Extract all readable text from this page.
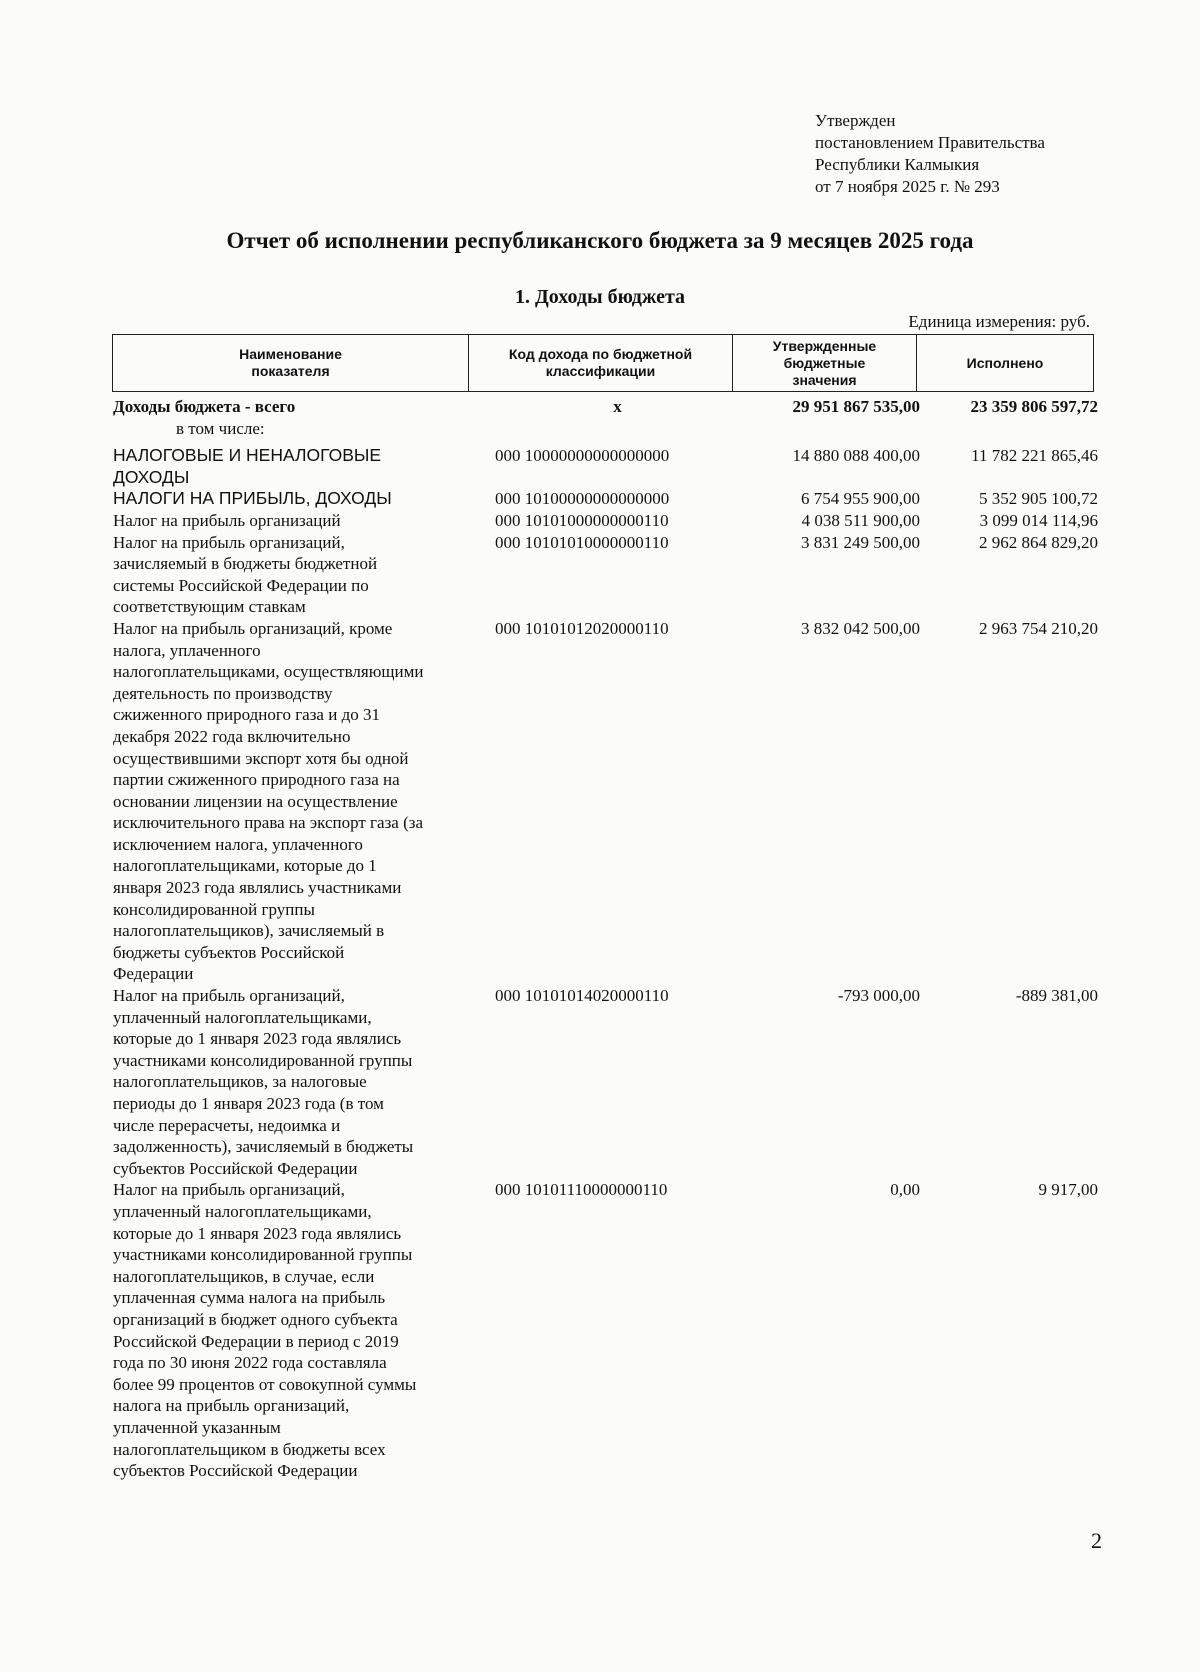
Утвержден
постановлением Правительства
Республики Калмыкия
от 7 ноября 2025 г. № 293
Отчет об исполнении республиканского бюджета за 9 месяцев 2025 года
1. Доходы бюджета
Единица измерения: руб.
Наименование
показателя

Код дохода по бюджетной
классификации

Утвержденные
бюджетные
значения
	Исполнено
Доходы бюджета - всего	x	29 951 867 535,00	23 359 806 597,72
в том числе:
НАЛОГОВЫЕ И НЕНАЛОГОВЫЕ
ДОХОДЫ
000 10000000000000000	14 880 088 400,00	11 782 221 865,46
НАЛОГИ НА ПРИБЫЛЬ, ДОХОДЫ	000 10100000000000000	6 754 955 900,00	5 352 905 100,72
Налог на прибыль организаций	000 10101000000000110	4 038 511 900,00	3 099 014 114,96
Налог на прибыль организаций,
зачисляемый в бюджеты бюджетной
системы Российской Федерации по
соответствующим ставкам
000 10101010000000110	3 831 249 500,00	2 962 864 829,20
Налог на прибыль организаций, кроме
налога, уплаченного
налогоплательщиками, осуществляющими
деятельность по производству
сжиженного природного газа и до 31
декабря 2022 года включительно
осуществившими экспорт хотя бы одной
партии сжиженного природного газа на
основании лицензии на осуществление
исключительного права на экспорт газа (за
исключением налога, уплаченного
налогоплательщиками, которые до 1
января 2023 года являлись участниками
консолидированной группы
налогоплательщиков), зачисляемый в
бюджеты субъектов Российской
Федерации
000 10101012020000110	3 832 042 500,00	2 963 754 210,20
Налог на прибыль организаций,
уплаченный налогоплательщиками,
которые до 1 января 2023 года являлись
участниками консолидированной группы
налогоплательщиков, за налоговые
периоды до 1 января 2023 года (в том
числе перерасчеты, недоимка и
задолженность), зачисляемый в бюджеты
субъектов Российской Федерации
000 10101014020000110	-793 000,00	-889 381,00
Налог на прибыль организаций,
уплаченный налогоплательщиками,
которые до 1 января 2023 года являлись
участниками консолидированной группы
налогоплательщиков, в случае, если
уплаченная сумма налога на прибыль
организаций в бюджет одного субъекта
Российской Федерации в период с 2019
года по 30 июня 2022 года составляла
более 99 процентов от совокупной суммы
налога на прибыль организаций,
уплаченной указанным
налогоплательщиком в бюджеты всех
субъектов Российской Федерации
000 10101110000000110	0,00	9 917,00
2
